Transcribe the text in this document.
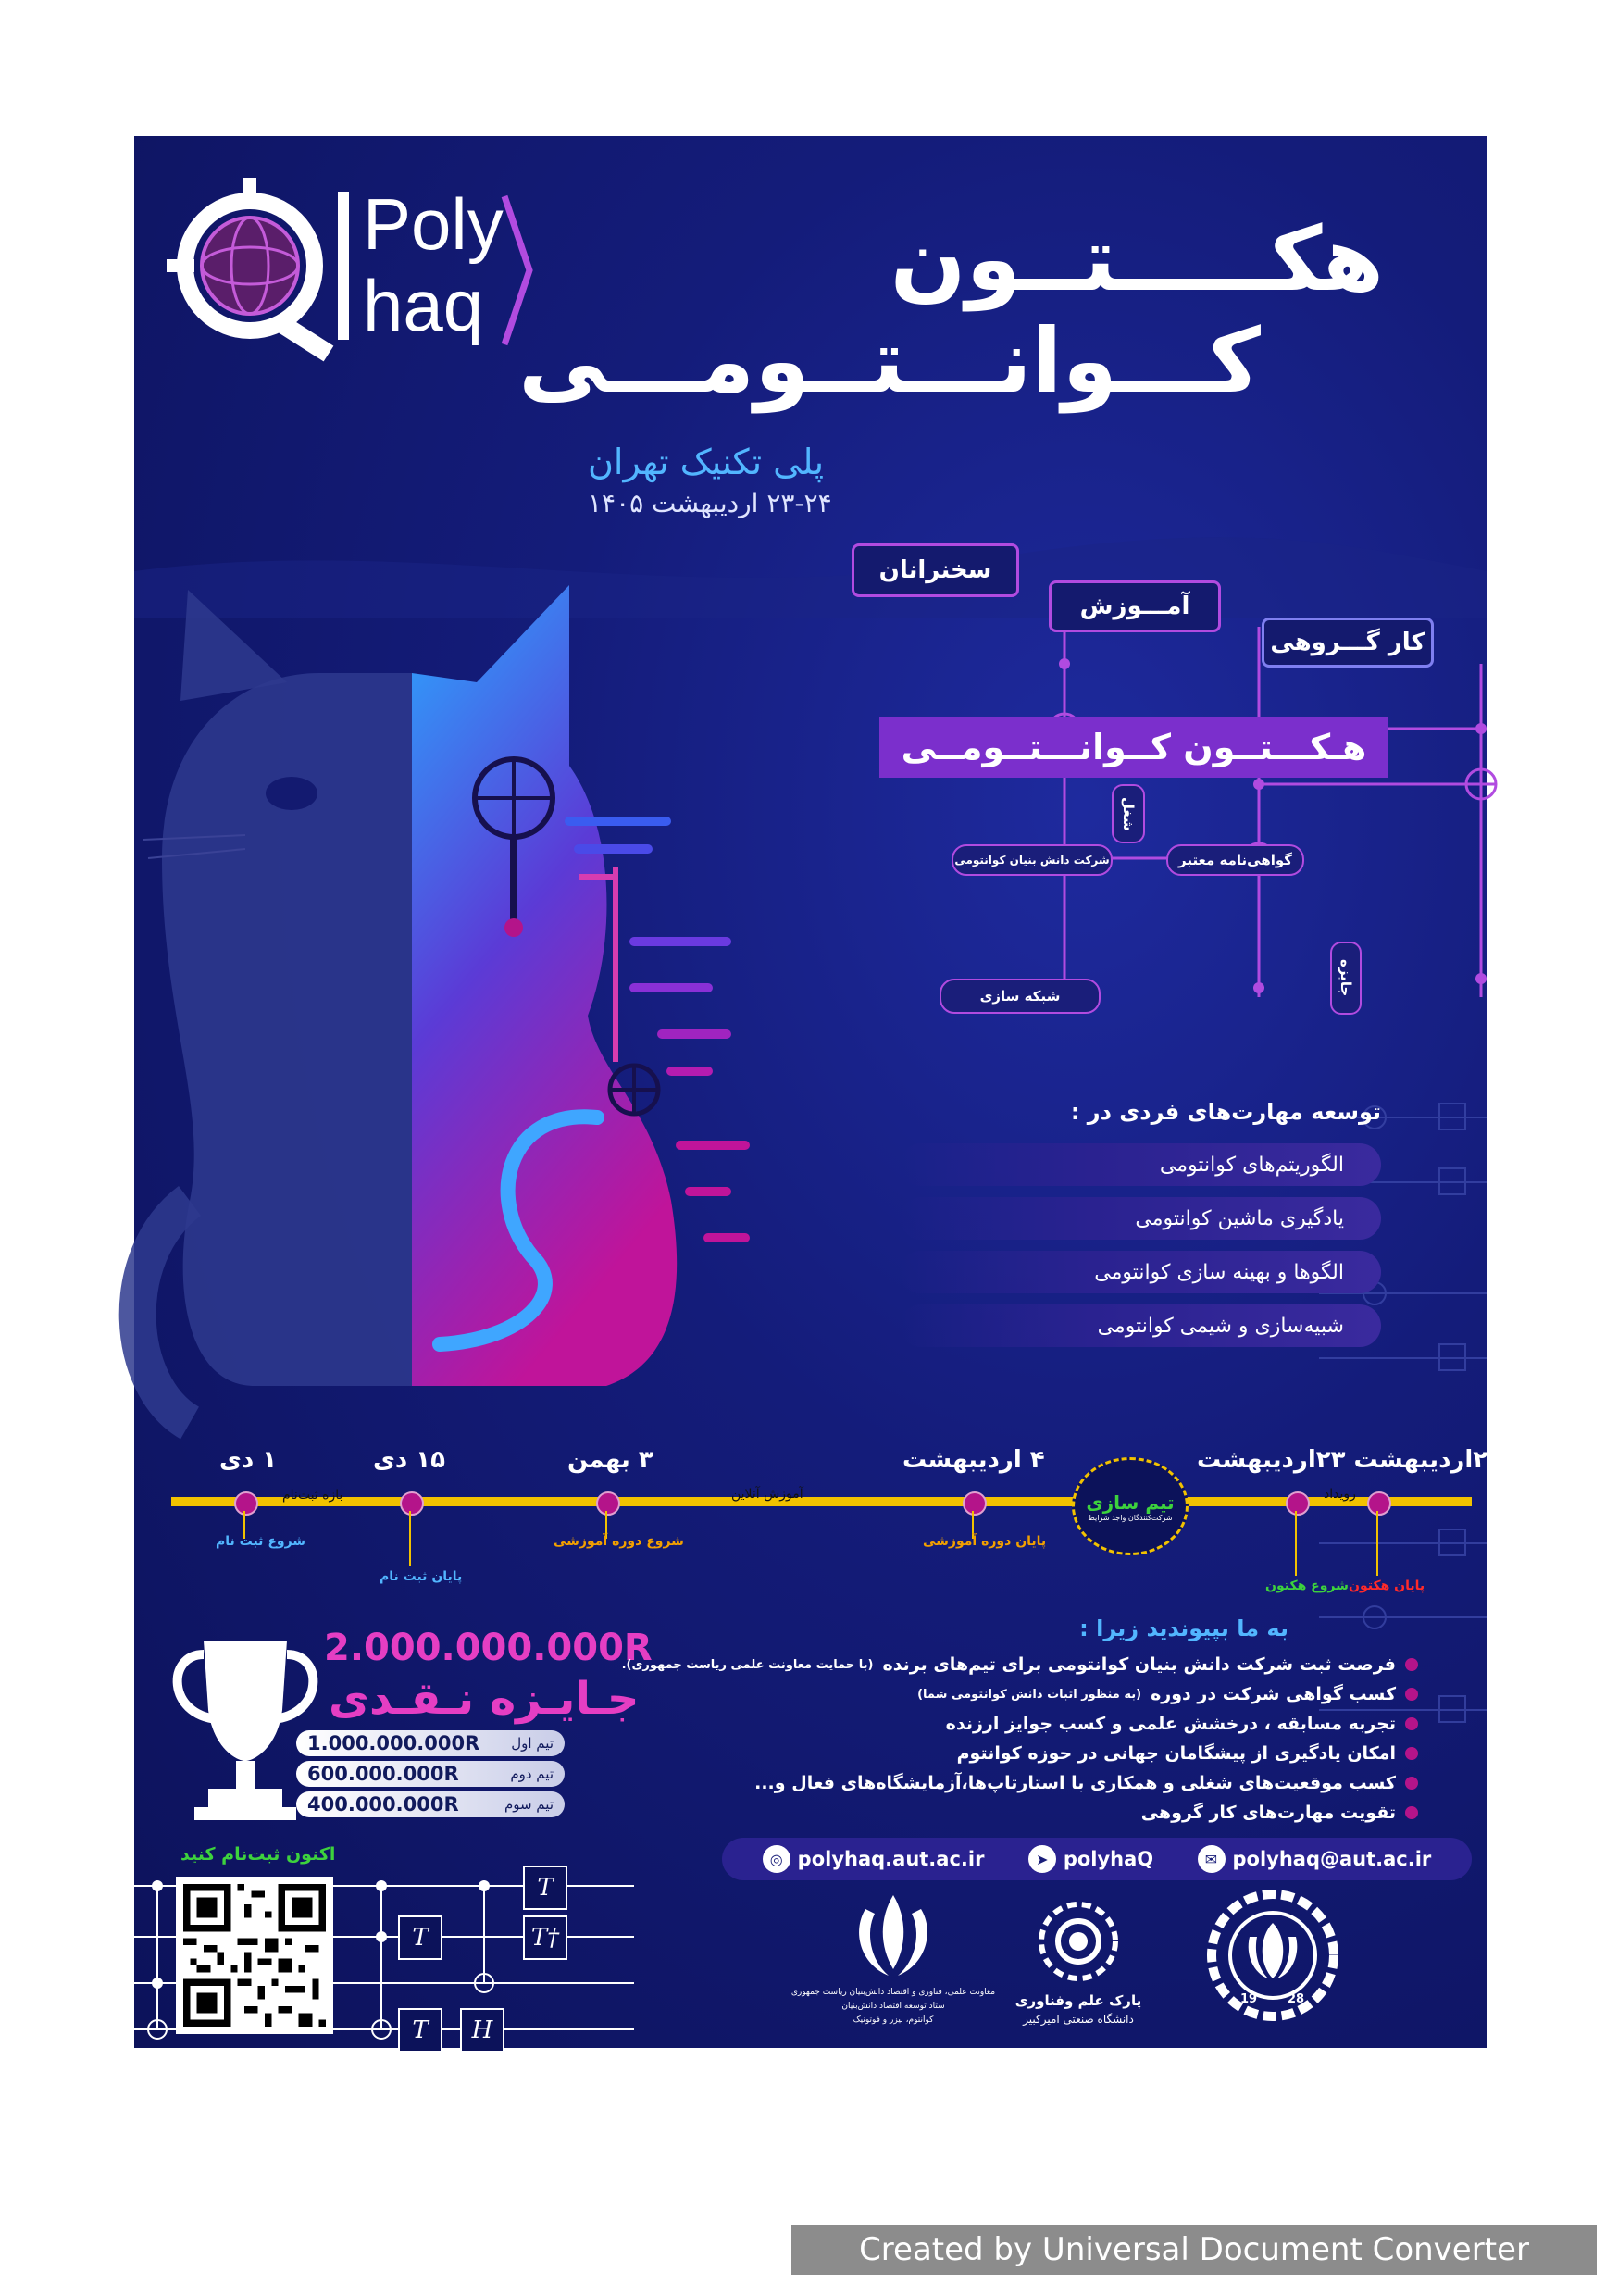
Poly
haq	هکـــــتــون
کـــوانـــتــومـــی
پلی تکنیک تهران
۲۳-۲۴ اردیبهشت ۱۴۰۵
سخنرانان
آمـــوزش
کار گـــروهی
هـکـــتــون کــوانـــتــومــی
شغل
شرکت دانش بنیان کوانتومی	گواهی‌نامه معتبر
جایزه
شبکه سازی
توسعه مهارت‌های فردی در :
الگوریتم‌های کوانتومی
یادگیری ماشین کوانتومی
الگوها و بهینه سازی کوانتومی
شبیه‌سازی و شیمی کوانتومی
بازه ثبت‌نام	آموزش آنلاین	رویداد
۱ دی	۱۵ دی	۳ بهمن	۴ اردیبهشت	۲۴اردیبهشت ۲۳اردیبهشت
شروع ثبت نام
پایان ثبت نام
شروع دوره آموزشی	پایان دوره آموزشی
شروع هکتون پایان هکتون
تیم سازی
شرکت‌کنندگان واجد شرایط
2.000.000.000R
جـایـزه نـقـدی
1.000.000.000R تیم اول
600.000.000R	تیم دوم
400.000.000R	تیم سوم
به ما بپیوندید زیرا :
فرصت ثبت شرکت دانش بنیان کوانتومی برای تیم‌های برنده
(با حمایت معاونت علمی ریاست جمهوری).
کسب گواهی شرکت در دوره
(به منظور اثبات دانش کوانتومی شما)
تجربه مسابقه ، درخشش علمی و کسب جوایز ارزنده
امکان یادگیری از پیشگامان جهانی در حوزه کوانتوم
کسب موقعیت‌های شغلی و همکاری با استارتاپ‌ها،آزمایشگاه‌های فعال و...
تقویت مهارت‌های کار گروهی
◎ polyhaq.aut.ac.ir	➤ polyhaQ	✉ polyhaq@aut.ac.ir
اکنون ثبت‌نام کنید
T
T	T†
T	H
معاونت علمی، فناوری و اقتصاد دانش‌بنیان ریاست جمهوری
ستاد توسعه اقتصاد دانش‌بنیان
کوانتوم، لیزر و فوتونیک
پارک علم وفناوری
دانشگاه صنعتی امیرکبیر
19	28
Created by Universal Document Converter
